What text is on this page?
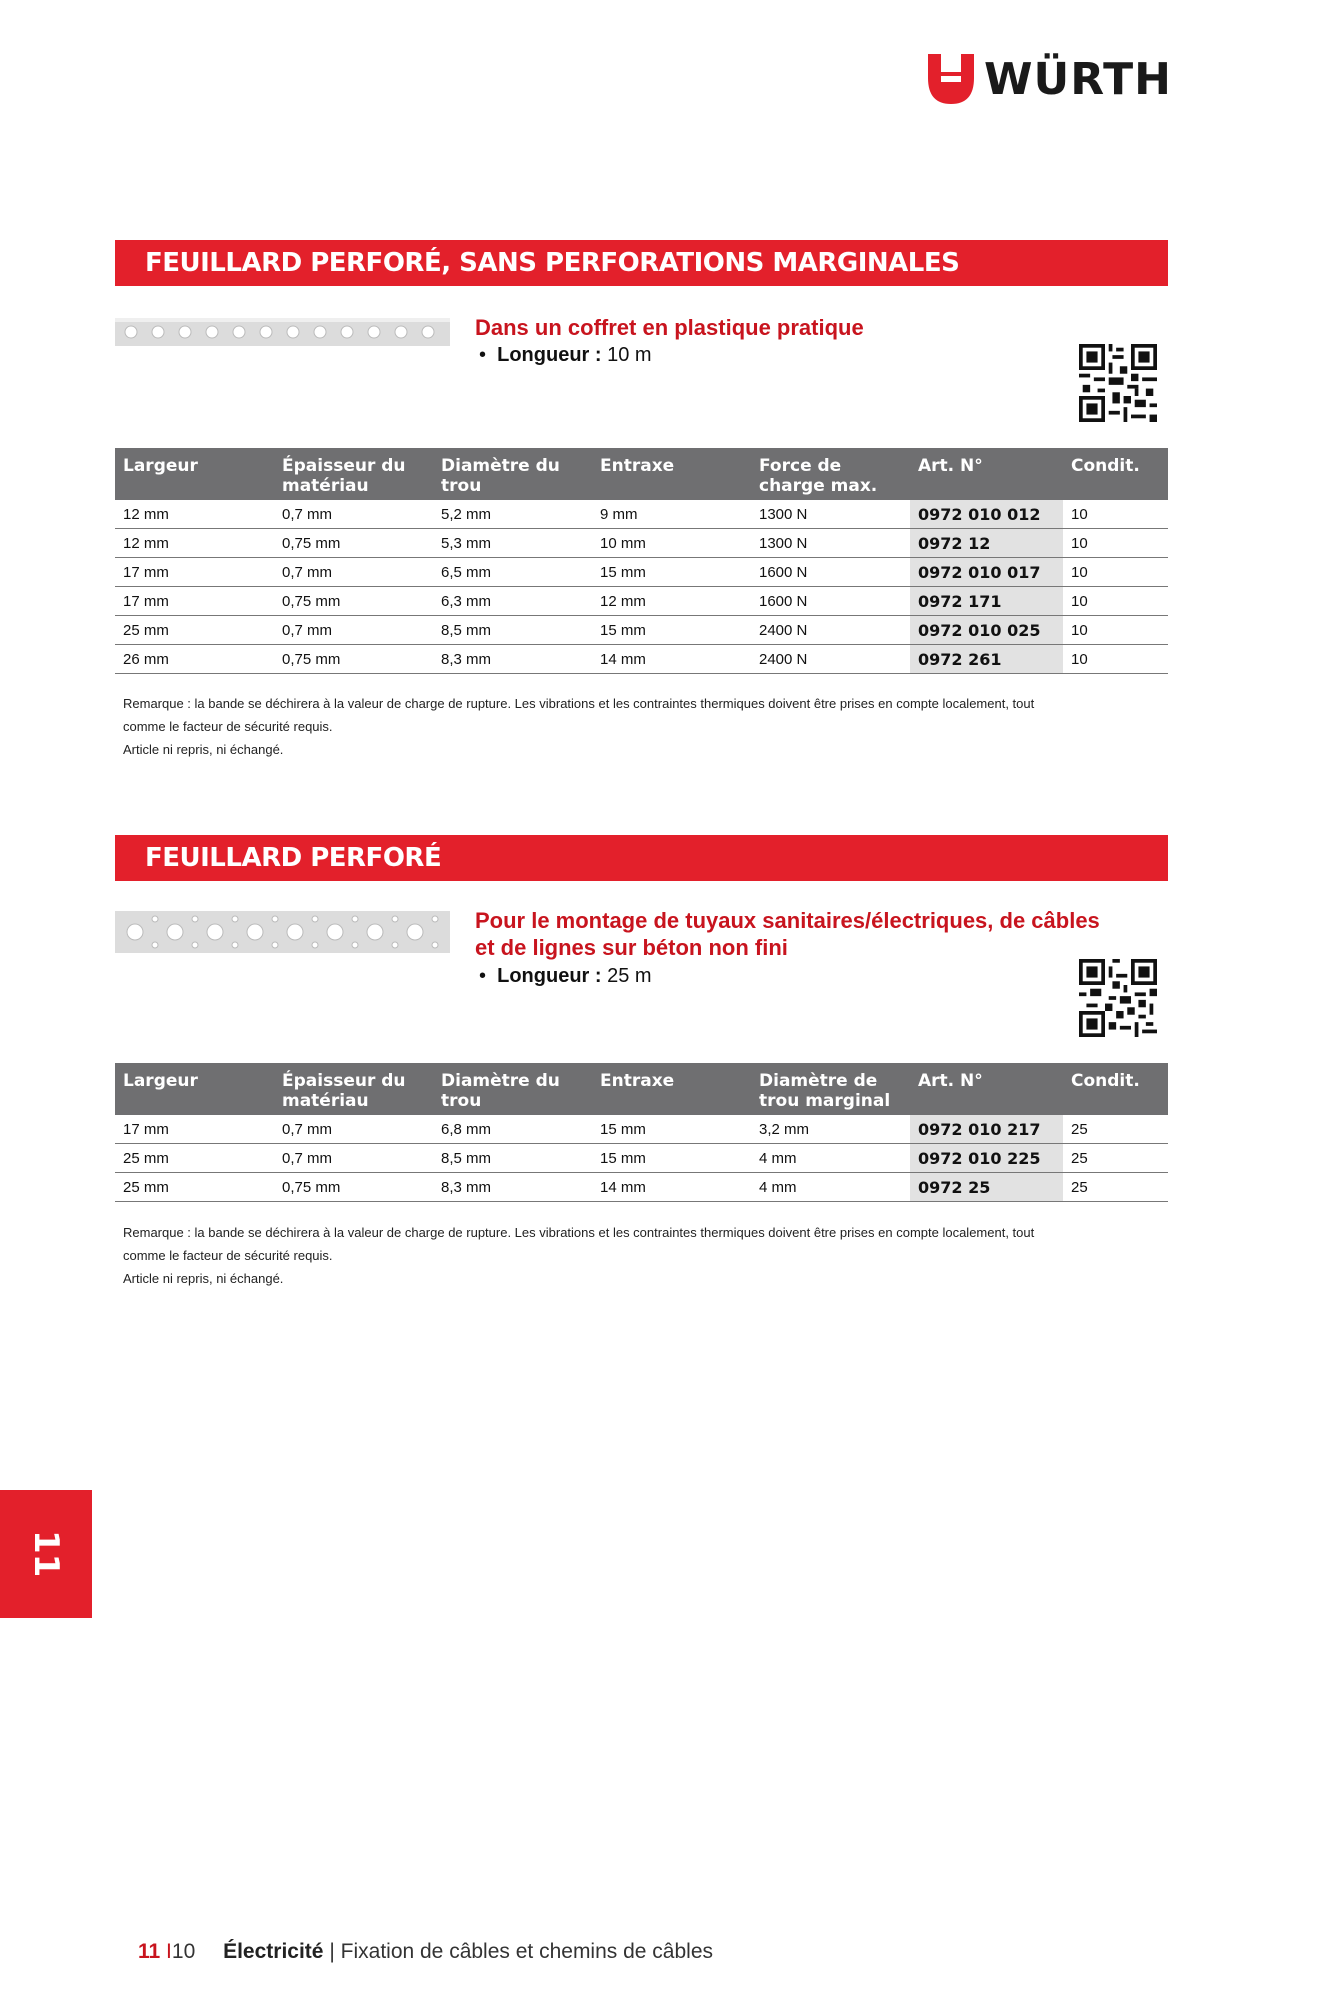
WÜRTH
FEUILLARD PERFORÉ, SANS PERFORATIONS MARGINALES
Dans un coffret en plastique pratique
•  Longueur : 10 m
Largeur	Épaisseur du matériau	Diamètre du trou	Entraxe	Force de charge max.	Art. N°	Condit.
12 mm	0,7 mm	5,2 mm	9 mm	1300 N	0972 010 012	10
12 mm	0,75 mm	5,3 mm	10 mm	1300 N	0972 12	10
17 mm	0,7 mm	6,5 mm	15 mm	1600 N	0972 010 017	10
17 mm	0,75 mm	6,3 mm	12 mm	1600 N	0972 171	10
25 mm	0,7 mm	8,5 mm	15 mm	2400 N	0972 010 025	10
26 mm	0,75 mm	8,3 mm	14 mm	2400 N	0972 261	10
Remarque : la bande se déchirera à la valeur de charge de rupture. Les vibrations et les contraintes thermiques doivent être prises en compte localement, tout
comme le facteur de sécurité requis.
Article ni repris, ni échangé.
FEUILLARD PERFORÉ
Pour le montage de tuyaux sanitaires/électriques, de câbles
et de lignes sur béton non fini
•  Longueur : 25 m
Largeur	Épaisseur du matériau	Diamètre du trou	Entraxe	Diamètre de trou marginal	Art. N°	Condit.
17 mm	0,7 mm	6,8 mm	15 mm	3,2 mm	0972 010 217	25
25 mm	0,7 mm	8,5 mm	15 mm	4 mm	0972 010 225	25
25 mm	0,75 mm	8,3 mm	14 mm	4 mm	0972 25	25
Remarque : la bande se déchirera à la valeur de charge de rupture. Les vibrations et les contraintes thermiques doivent être prises en compte localement, tout
comme le facteur de sécurité requis.
Article ni repris, ni échangé.
11
11 I10 Électricité | Fixation de câbles et chemins de câbles
